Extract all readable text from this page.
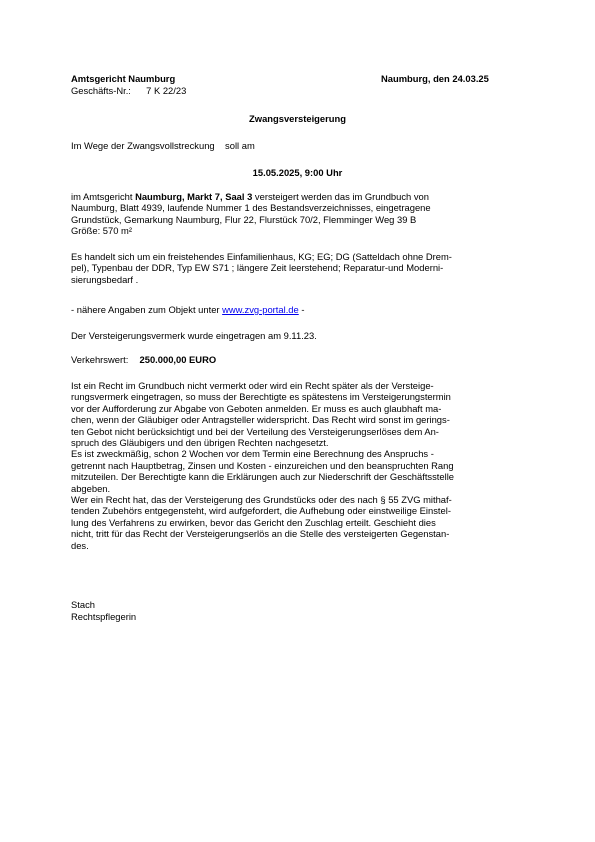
Amtsgericht Naumburg	Naumburg, den 24.03.25
Geschäfts-Nr.: 7 K 22/23
Zwangsversteigerung
Im Wege der Zwangsvollstreckung    soll am
15.05.2025, 9:00 Uhr
im Amtsgericht Naumburg, Markt 7, Saal 3 versteigert werden das im Grundbuch von
Naumburg, Blatt 4939, laufende Nummer 1 des Bestandsverzeichnisses, eingetragene
Grundstück, Gemarkung Naumburg, Flur 22, Flurstück 70/2, Flemminger Weg 39 B
Größe: 570 m²
Es handelt sich um ein freistehendes Einfamilienhaus, KG; EG; DG (Satteldach ohne Drem-
pel), Typenbau der DDR, Typ EW S71 ; längere Zeit leerstehend; Reparatur-und Moderni-
sierungsbedarf .
- nähere Angaben zum Objekt unter www.zvg-portal.de -
Der Versteigerungsvermerk wurde eingetragen am 9.11.23.
Verkehrswert: 250.000,00 EURO
Ist ein Recht im Grundbuch nicht vermerkt oder wird ein Recht später als der Versteige-
rungsvermerk eingetragen, so muss der Berechtigte es spätestens im Versteigerungstermin
vor der Aufforderung zur Abgabe von Geboten anmelden. Er muss es auch glaubhaft ma-
chen, wenn der Gläubiger oder Antragsteller widerspricht. Das Recht wird sonst im gerings-
ten Gebot nicht berücksichtigt und bei der Verteilung des Versteigerungserlöses dem An-
spruch des Gläubigers und den übrigen Rechten nachgesetzt.
Es ist zweckmäßig, schon 2 Wochen vor dem Termin eine Berechnung des Anspruchs -
getrennt nach Hauptbetrag, Zinsen und Kosten - einzureichen und den beanspruchten Rang
mitzuteilen. Der Berechtigte kann die Erklärungen auch zur Niederschrift der Geschäftsstelle
abgeben.
Wer ein Recht hat, das der Versteigerung des Grundstücks oder des nach § 55 ZVG mithaf-
tenden Zubehörs entgegensteht, wird aufgefordert, die Aufhebung oder einstweilige Einstel-
lung des Verfahrens zu erwirken, bevor das Gericht den Zuschlag erteilt. Geschieht dies
nicht, tritt für das Recht der Versteigerungserlös an die Stelle des versteigerten Gegenstan-
des.
Stach
Rechtspflegerin
